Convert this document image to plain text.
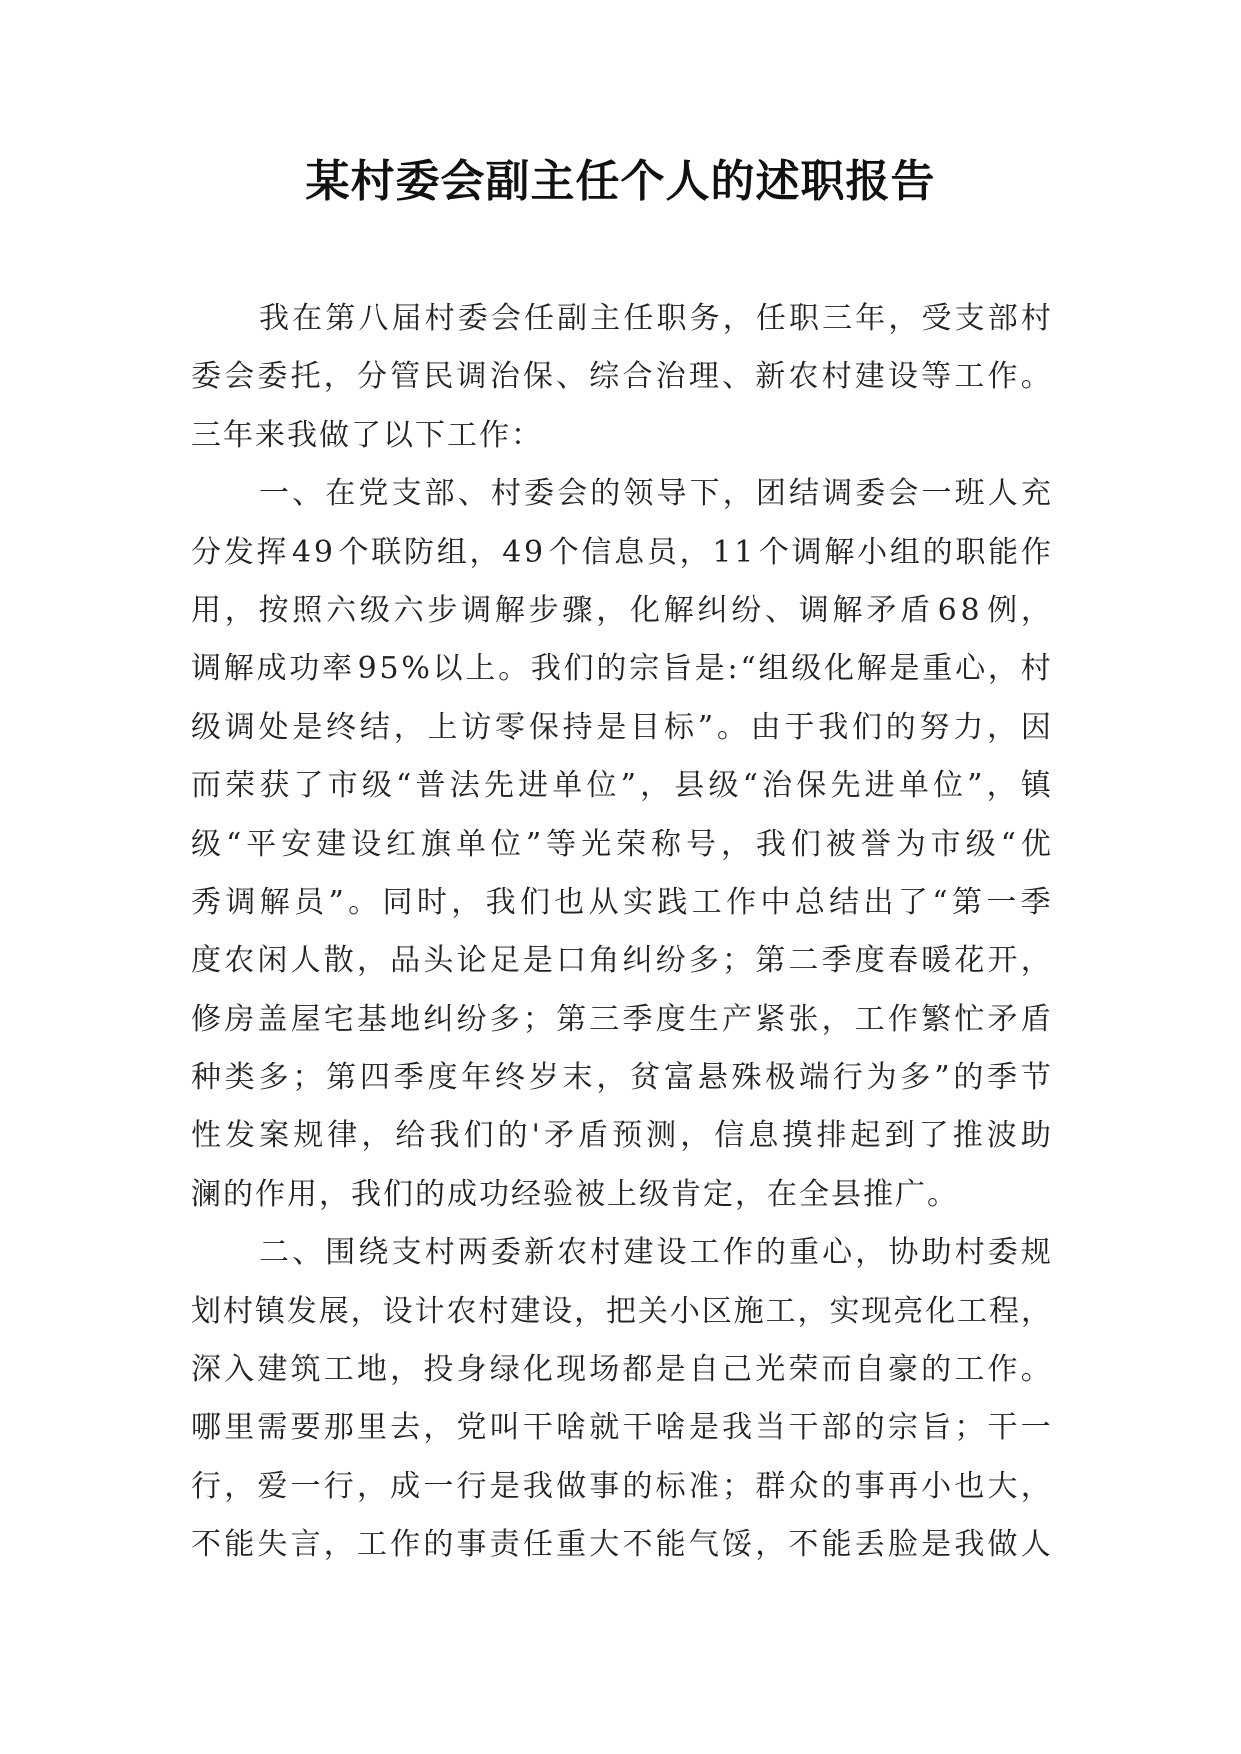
某村委会副主任个人的述职报告
我 在 第 八 届 村 委 会 任 副 主 任 职 务 ， 任 职 三 年 ， 受 支 部 村
委 会 委 托 ， 分 管 民 调 治 保 、 综 合 治 理 、 新 农 村 建 设 等 工 作 。
三年来我做了以下工作：
一 、 在 党 支 部 、 村 委 会 的 领 导 下 ， 团 结 调 委 会 一 班 人 充
分 发 挥 4 9 个 联 防 组 ， 4 9 个 信 息 员 ， 1 1 个 调 解 小 组 的 职 能 作
用 ， 按 照 六 级 六 步 调 解 步 骤 ， 化 解 纠 纷 、 调 解 矛 盾 6 8 例 ，
调 解 成 功 率 9 5 % 以 上 。 我 们 的 宗 旨 是 : “ 组 级 化 解 是 重 心 ， 村
级 调 处 是 终 结 ， 上 访 零 保 持 是 目 标 ” 。 由 于 我 们 的 努 力 ， 因
而 荣 获 了 市 级 “ 普 法 先 进 单 位 ” ， 县 级 “ 治 保 先 进 单 位 ” ， 镇
级 “ 平 安 建 设 红 旗 单 位 ” 等 光 荣 称 号 ， 我 们 被 誉 为 市 级 “ 优
秀 调 解 员 ” 。 同 时 ， 我 们 也 从 实 践 工 作 中 总 结 出 了 “ 第 一 季
度 农 闲 人 散 ， 品 头 论 足 是 口 角 纠 纷 多 ； 第 二 季 度 春 暖 花 开 ，
修 房 盖 屋 宅 基 地 纠 纷 多 ； 第 三 季 度 生 产 紧 张 ， 工 作 繁 忙 矛 盾
种 类 多 ； 第 四 季 度 年 终 岁 末 ， 贫 富 悬 殊 极 端 行 为 多 ” 的 季 节
性 发 案 规 律 ， 给 我 们 的 ' 矛 盾 预 测 ， 信 息 摸 排 起 到 了 推 波 助
澜的作用，我们的成功经验被上级肯定，在全县推广。
二 、 围 绕 支 村 两 委 新 农 村 建 设 工 作 的 重 心 ， 协 助 村 委 规
划 村 镇 发 展 ， 设 计 农 村 建 设 ， 把 关 小 区 施 工 ， 实 现 亮 化 工 程 ，
深 入 建 筑 工 地 ， 投 身 绿 化 现 场 都 是 自 己 光 荣 而 自 豪 的 工 作 。
哪 里 需 要 那 里 去 ， 党 叫 干 啥 就 干 啥 是 我 当 干 部 的 宗 旨 ； 干 一
行 ， 爱 一 行 ， 成 一 行 是 我 做 事 的 标 准 ； 群 众 的 事 再 小 也 大 ，
不 能 失 言 ， 工 作 的 事 责 任 重 大 不 能 气 馁 ， 不 能 丢 脸 是 我 做 人
